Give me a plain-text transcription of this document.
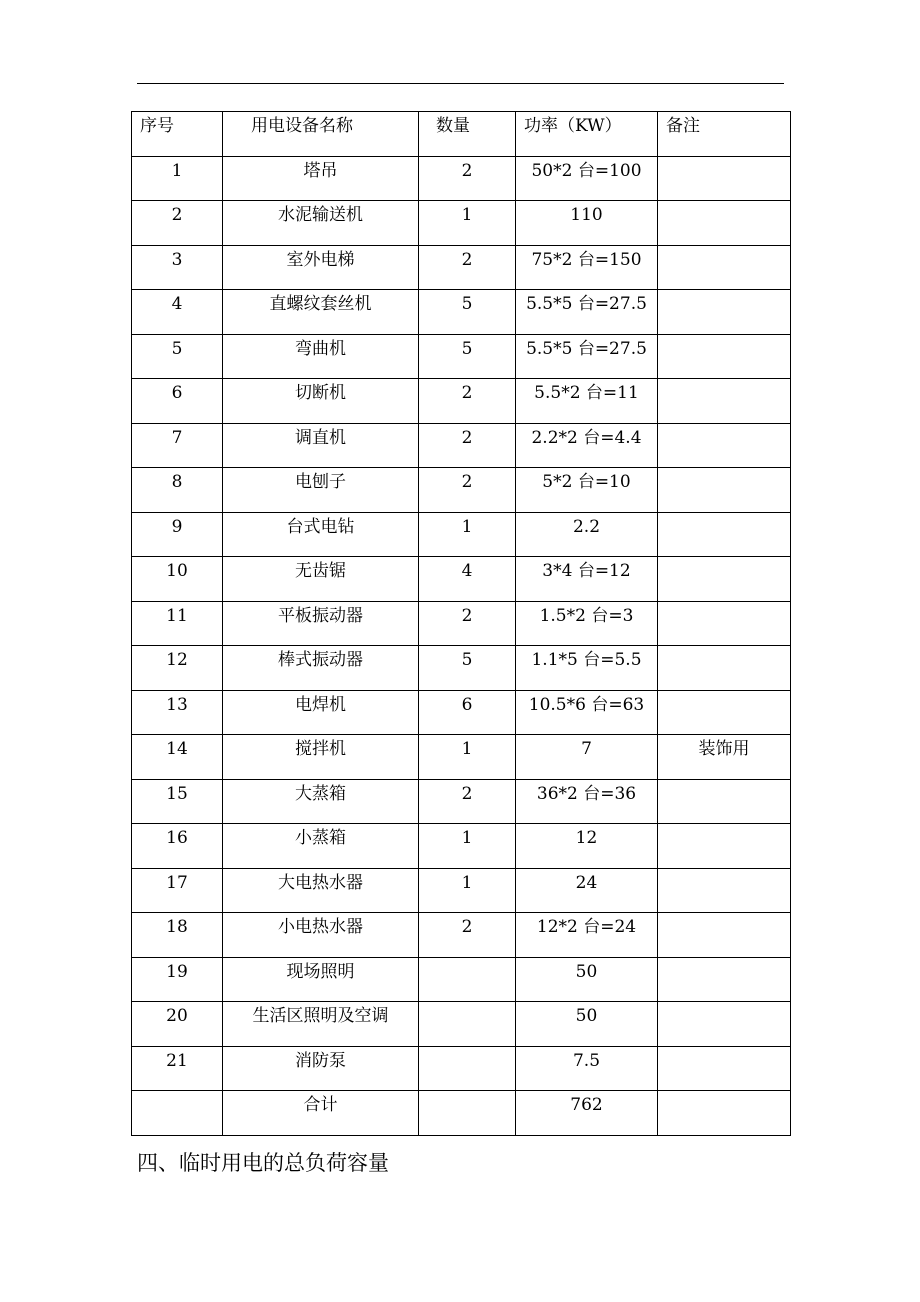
序号	用电设备名称	数量	功率（KW）	备注

1	塔吊	2	50*2 台=100	

2	水泥输送机	1	110	

3	室外电梯	2	75*2 台=150	

4	直螺纹套丝机	5	5.5*5 台=27.5	

5	弯曲机	5	5.5*5 台=27.5	

6	切断机	2	5.5*2 台=11	

7	调直机	2	2.2*2 台=4.4	

8	电刨子	2	5*2 台=10	

9	台式电钻	1	2.2	

10	无齿锯	4	3*4 台=12	

11	平板振动器	2	1.5*2 台=3	

12	棒式振动器	5	1.1*5 台=5.5	

13	电焊机	6	10.5*6 台=63	

14	搅拌机	1	7	装饰用

15	大蒸箱	2	36*2 台=36	

16	小蒸箱	1	12	

17	大电热水器	1	24	

18	小电热水器	2	12*2 台=24	

19	现场照明		50	

20	生活区照明及空调		50	

21	消防泵		7.5	

	合计		762	

四、临时用电的总负荷容量
